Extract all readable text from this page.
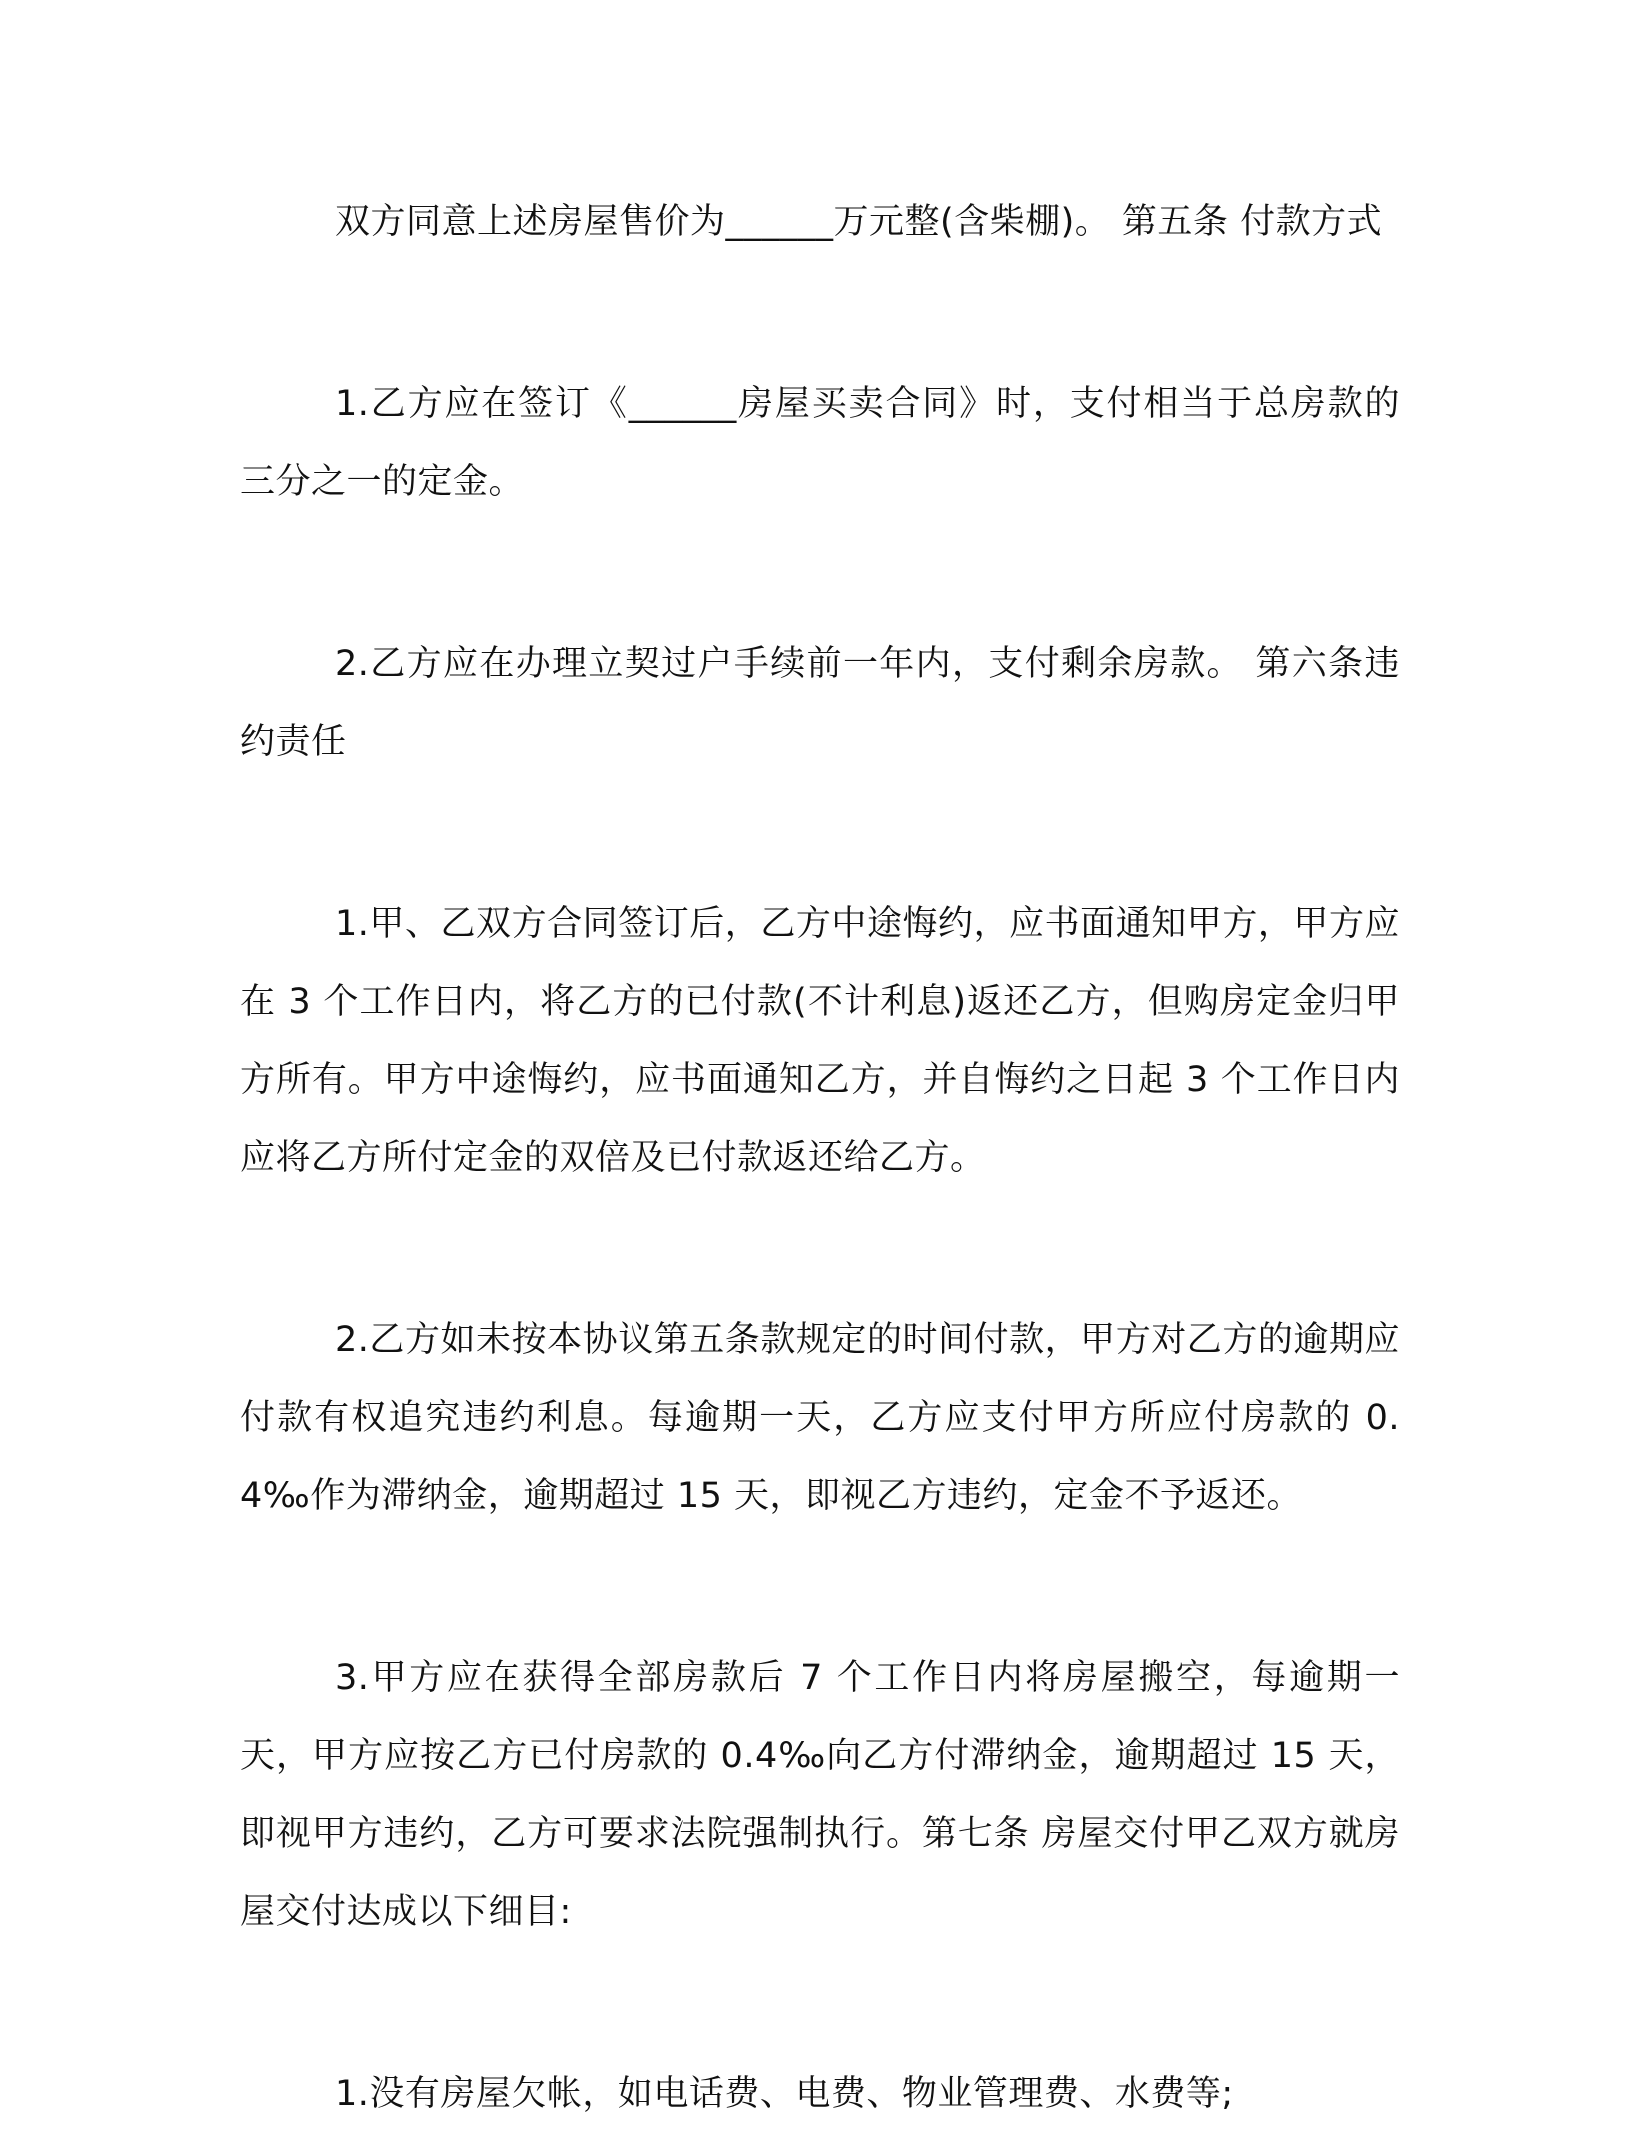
双方同意上述房屋售价为______万元整(含柴棚)。 第五条 付款方式

1.乙方应在签订《______房屋买卖合同》时，支付相当于总房款的三分之一的定金。

2.乙方应在办理立契过户手续前一年内，支付剩余房款。 第六条违约责任

1.甲、乙双方合同签订后，乙方中途悔约，应书面通知甲方，甲方应在 3 个工作日内，将乙方的已付款(不计利息)返还乙方，但购房定金归甲方所有。甲方中途悔约，应书面通知乙方，并自悔约之日起 3 个工作日内应将乙方所付定金的双倍及已付款返还给乙方。

2.乙方如未按本协议第五条款规定的时间付款，甲方对乙方的逾期应付款有权追究违约利息。每逾期一天，乙方应支付甲方所应付房款的 0.4‰作为滞纳金，逾期超过 15 天，即视乙方违约，定金不予返还。

3.甲方应在获得全部房款后 7 个工作日内将房屋搬空，每逾期一天，甲方应按乙方已付房款的 0.4‰向乙方付滞纳金，逾期超过 15 天，即视甲方违约，乙方可要求法院强制执行。第七条 房屋交付甲乙双方就房屋交付达成以下细目:

1.没有房屋欠帐，如电话费、电费、物业管理费、水费等;
